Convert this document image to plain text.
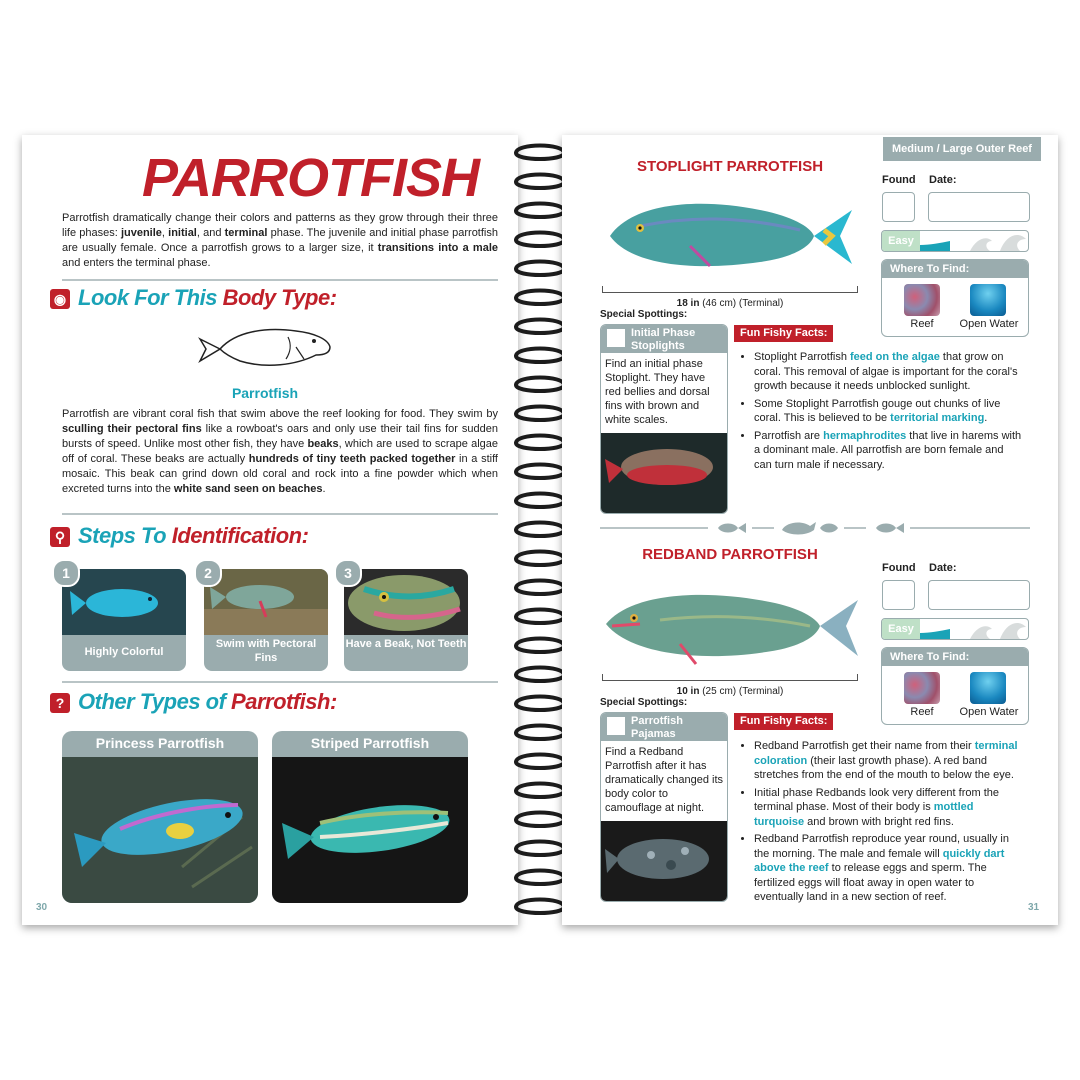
PARROTFISH
Parrotfish dramatically change their colors and patterns as they grow through their three life phases: juvenile, initial, and terminal phase. The juvenile and initial phase parrotfish are usually female. Once a parrotfish grows to a larger size, it transitions into a male and enters the terminal phase.
◉ Look For This Body Type:
Parrotfish
Parrotfish are vibrant coral fish that swim above the reef looking for food. They swim by sculling their pectoral fins like a rowboat's oars and only use their tail fins for sudden bursts of speed. Unlike most other fish, they have beaks, which are used to scrape algae off of coral. These beaks are actually hundreds of tiny teeth packed together in a stiff mosaic. This beak can grind down old coral and rock into a fine powder which when excreted turns into the white sand seen on beaches.
⚲ Steps To Identification:
Highly Colorful
1
Swim with Pectoral Fins
2
Have a Beak, Not Teeth
3
? Other Types of Parrotfish:
Princess Parrotfish	Striped Parrotfish
30
Medium / Large Outer Reef
STOPLIGHT PARROTFISH
18 in (46 cm) (Terminal)
Special Spottings:
Initial Phase Stoplights
Find an initial phase Stoplight. They have red bellies and dorsal fins with brown and white scales.
Found Date:
Easy
Where To Find:
Reef	Open Water
Fun Fishy Facts:
• Stoplight Parrotfish feed on the algae that grow on coral. This removal of algae is important for the coral's growth because it needs unblocked sunlight.
• Some Stoplight Parrotfish gouge out chunks of live coral. This is believed to be territorial marking.
• Parrotfish are hermaphrodites that live in harems with a dominant male. All parrotfish are born female and can turn male if necessary.
REDBAND PARROTFISH
10 in (25 cm) (Terminal)
Special Spottings:
Parrotfish Pajamas
Find a Redband Parrotfish after it has dramatically changed its body color to camouflage at night.
Found Date:
Easy
Where To Find:
Reef	Open Water
Fun Fishy Facts:
• Redband Parrotfish get their name from their terminal coloration (their last growth phase). A red band stretches from the end of the mouth to below the eye.
• Initial phase Redbands look very different from the terminal phase. Most of their body is mottled turquoise and brown with bright red fins.
• Redband Parrotfish reproduce year round, usually in the morning. The male and female will quickly dart above the reef to release eggs and sperm. The fertilized eggs will float away in open water to eventually land in a new section of reef.
31
